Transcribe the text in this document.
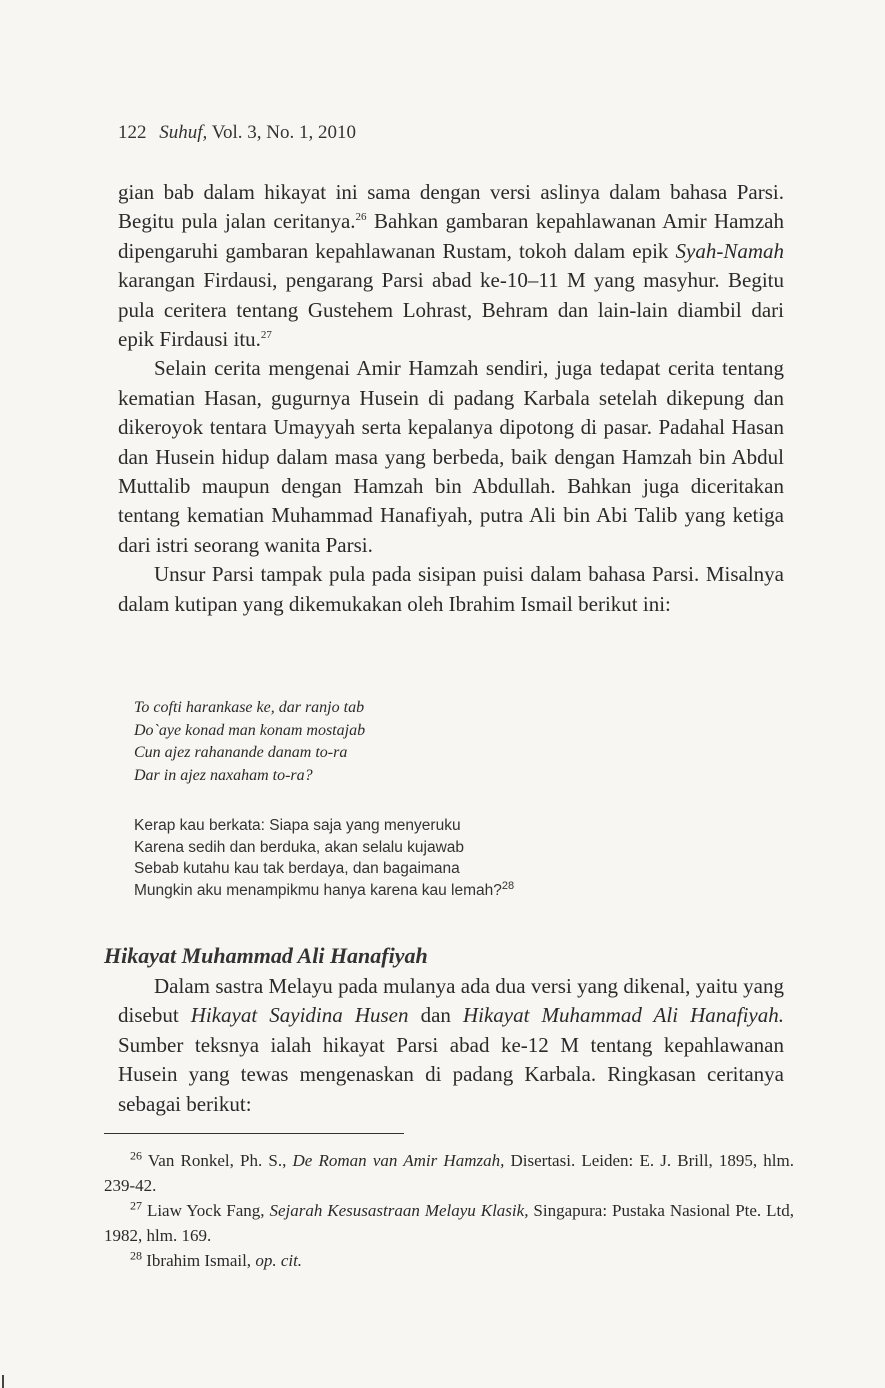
122 Suhuf, Vol. 3, No. 1, 2010

gian bab dalam hikayat ini sama dengan versi aslinya dalam bahasa Parsi. Begitu pula jalan ceritanya.$^{26}$ Bahkan gambaran kepahlawanan Amir Hamzah dipengaruhi gambaran kepahlawanan Rustam, tokoh dalam epik Syah-Namah karangan Firdausi, pengarang Parsi abad ke-10–11 M yang masyhur. Begitu pula ceritera tentang Gustehem Lohrast, Behram dan lain-lain diambil dari epik Firdausi itu.$^{27}$

Selain cerita mengenai Amir Hamzah sendiri, juga tedapat cerita tentang kematian Hasan, gugurnya Husein di padang Karbala setelah dikepung dan dikeroyok tentara Umayyah serta kepalanya dipotong di pasar. Padahal Hasan dan Husein hidup dalam masa yang berbeda, baik dengan Hamzah bin Abdul Muttalib maupun dengan Hamzah bin Abdullah. Bahkan juga diceritakan tentang kematian Muhammad Hanafiyah, putra Ali bin Abi Talib yang ketiga dari istri seorang wanita Parsi.

Unsur Parsi tampak pula pada sisipan puisi dalam bahasa Parsi. Misalnya dalam kutipan yang dikemukakan oleh Ibrahim Ismail berikut ini:

To cofti harankase ke, dar ranjo tab
Do`aye konad man konam mostajab
Cun ajez rahanande danam to-ra
Dar in ajez naxaham to-ra?
Kerap kau berkata: Siapa saja yang menyeruku
Karena sedih dan berduka, akan selalu kujawab
Sebab kutahu kau tak berdaya, dan bagaimana
Mungkin aku menampikmu hanya karena kau lemah?$^{28}$
Hikayat Muhammad Ali Hanafiyah

Dalam sastra Melayu pada mulanya ada dua versi yang dikenal, yaitu yang disebut Hikayat Sayidina Husen dan Hikayat Muhammad Ali Hanafiyah. Sumber teksnya ialah hikayat Parsi abad ke-12 M tentang kepahlawanan Husein yang tewas mengenaskan di padang Karbala. Ringkasan ceritanya sebagai berikut:

$^{26}$ Van Ronkel, Ph. S., De Roman van Amir Hamzah, Disertasi. Leiden: E. J. Brill, 1895, hlm. 239-42.

$^{27}$ Liaw Yock Fang, Sejarah Kesusastraan Melayu Klasik, Singapura: Pustaka Nasional Pte. Ltd, 1982, hlm. 169.

$^{28}$ Ibrahim Ismail, op. cit.
